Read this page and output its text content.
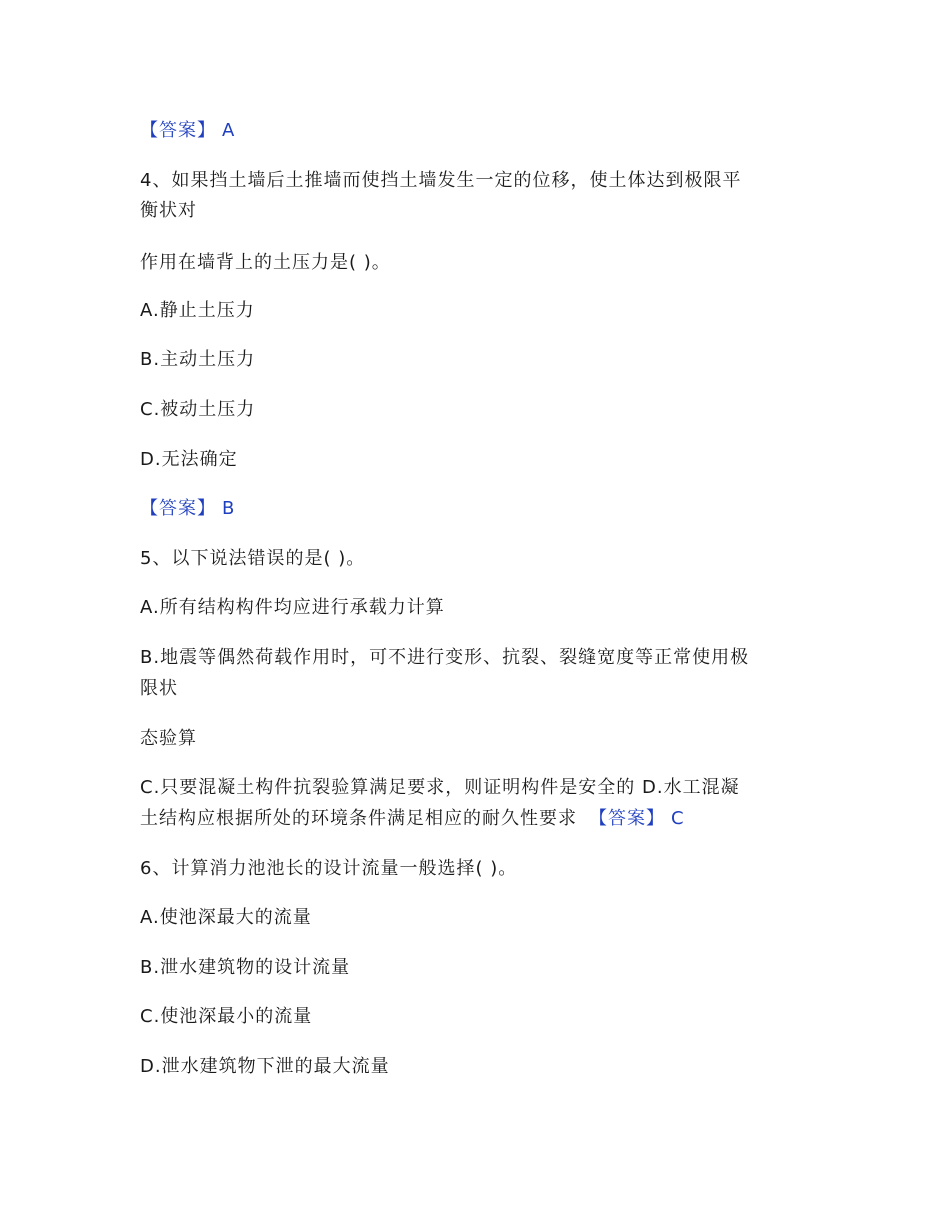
【答案】 A

4、如果挡土墙后土推墙而使挡土墙发生一定的位移，使土体达到极限平

衡状对

作用在墙背上的土压力是( )。

A.静止土压力

B.主动土压力

C.被动土压力

D.无法确定

【答案】 B

5、以下说法错误的是( )。

A.所有结构构件均应进行承载力计算

B.地震等偶然荷载作用时，可不进行变形、抗裂、裂缝宽度等正常使用极

限状

态验算

C.只要混凝土构件抗裂验算满足要求，则证明构件是安全的 D.水工混凝

土结构应根据所处的环境条件满足相应的耐久性要求 【答案】 C

6、计算消力池池长的设计流量一般选择( )。

A.使池深最大的流量

B.泄水建筑物的设计流量

C.使池深最小的流量

D.泄水建筑物下泄的最大流量
